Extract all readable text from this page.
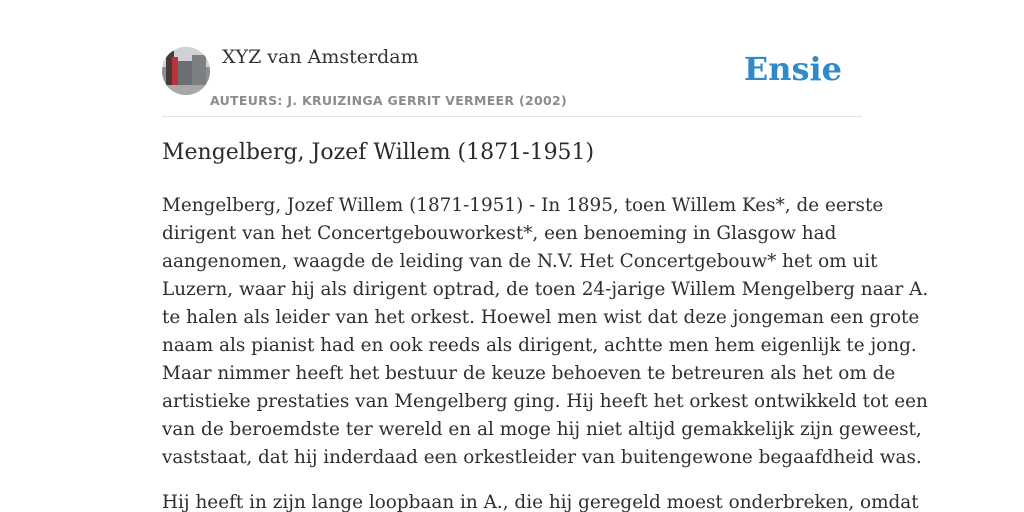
XYZ van Amsterdam
AUTEURS: J. KRUIZINGA GERRIT VERMEER (2002)
Ensie
Mengelberg, Jozef Willem (1871-1951)

Mengelberg, Jozef Willem (1871-1951) - In 1895, toen Willem Kes*, de eerste
dirigent van het Concertgebouworkest*, een benoeming in Glasgow had
aangenomen, waagde de leiding van de N.V. Het Concertgebouw* het om uit
Luzern, waar hij als dirigent optrad, de toen 24-jarige Willem Mengelberg naar A.
te halen als leider van het orkest. Hoewel men wist dat deze jongeman een grote
naam als pianist had en ook reeds als dirigent, achtte men hem eigenlijk te jong.
Maar nimmer heeft het bestuur de keuze behoeven te betreuren als het om de
artistieke prestaties van Mengelberg ging. Hij heeft het orkest ontwikkeld tot een
van de beroemdste ter wereld en al moge hij niet altijd gemakkelijk zijn geweest,
vaststaat, dat hij inderdaad een orkestleider van buitengewone begaafdheid was.

Hij heeft in zijn lange loopbaan in A., die hij geregeld moest onderbreken, omdat
